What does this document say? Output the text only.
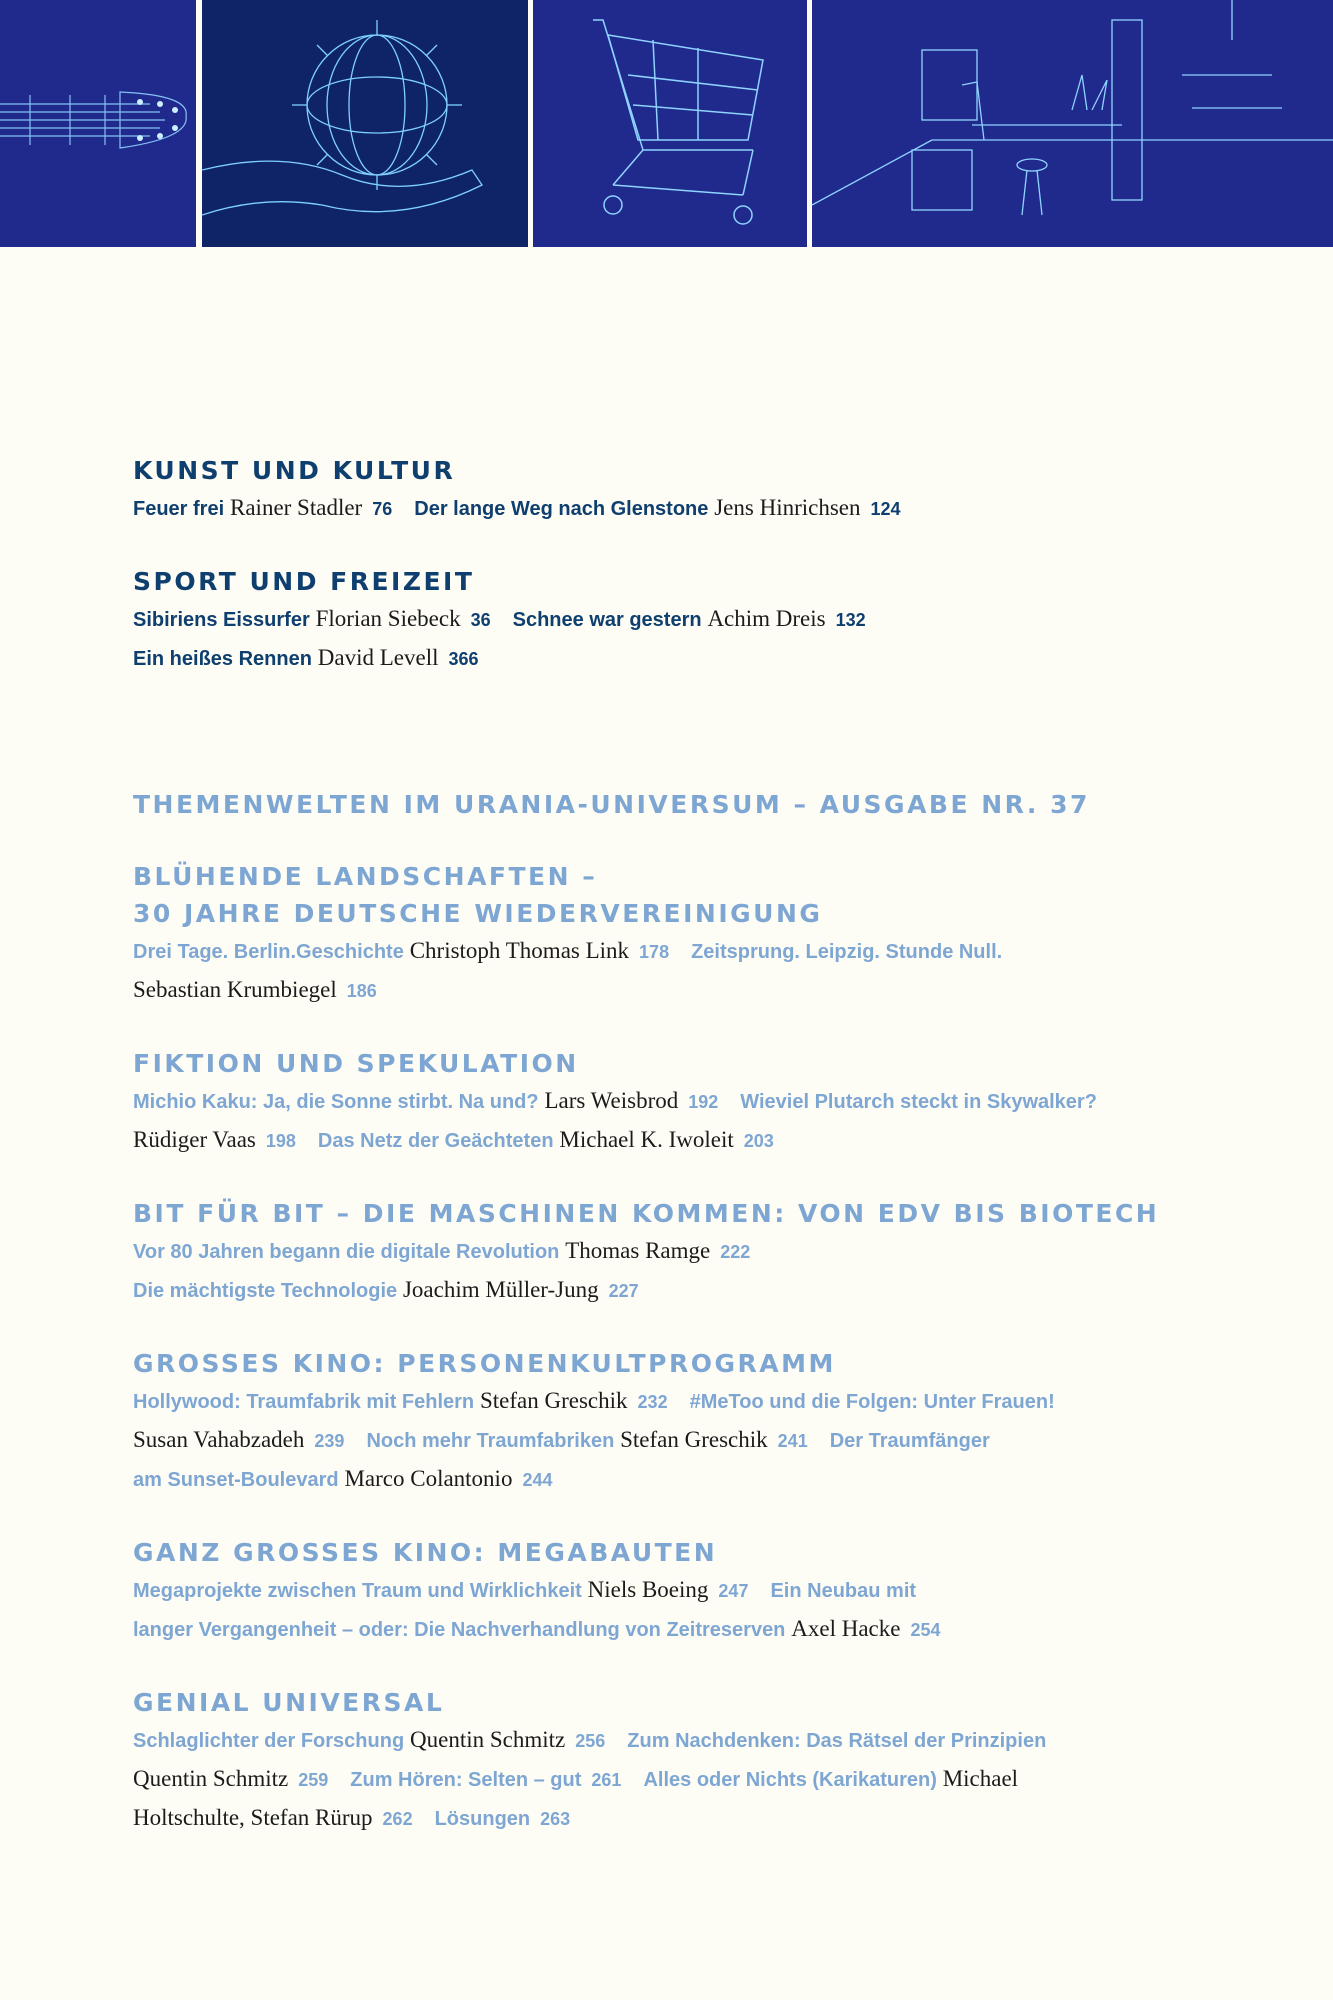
KUNST UND KULTUR
Feuer frei Rainer Stadler 76 Der lange Weg nach Glenstone Jens Hinrichsen 124
SPORT UND FREIZEIT
Sibiriens Eissurfer Florian Siebeck 36 Schnee war gestern Achim Dreis 132
Ein heißes Rennen David Levell 366
THEMENWELTEN IM URANIA-UNIVERSUM – AUSGABE NR. 37
BLÜHENDE LANDSCHAFTEN –
30 JAHRE DEUTSCHE WIEDERVEREINIGUNG
Drei Tage. Berlin.Geschichte Christoph Thomas Link 178 Zeitsprung. Leipzig. Stunde Null.
Sebastian Krumbiegel 186
FIKTION UND SPEKULATION
Michio Kaku: Ja, die Sonne stirbt. Na und? Lars Weisbrod 192 Wieviel Plutarch steckt in Skywalker?
Rüdiger Vaas 198 Das Netz der Geächteten Michael K. Iwoleit 203
BIT FÜR BIT – DIE MASCHINEN KOMMEN: VON EDV BIS BIOTECH
Vor 80 Jahren begann die digitale Revolution Thomas Ramge 222
Die mächtigste Technologie Joachim Müller-Jung 227
GROSSES KINO: PERSONENKULTPROGRAMM
Hollywood: Traumfabrik mit Fehlern Stefan Greschik 232 #MeToo und die Folgen: Unter Frauen!
Susan Vahabzadeh 239 Noch mehr Traumfabriken Stefan Greschik 241 Der Traumfänger
am Sunset-Boulevard Marco Colantonio 244
GANZ GROSSES KINO: MEGABAUTEN
Megaprojekte zwischen Traum und Wirklichkeit Niels Boeing 247 Ein Neubau mit
langer Vergangenheit – oder: Die Nachverhandlung von Zeitreserven Axel Hacke 254
GENIAL UNIVERSAL
Schlaglichter der Forschung Quentin Schmitz 256 Zum Nachdenken: Das Rätsel der Prinzipien
Quentin Schmitz 259 Zum Hören: Selten – gut 261 Alles oder Nichts (Karikaturen) Michael
Holtschulte, Stefan Rürup 262 Lösungen 263
